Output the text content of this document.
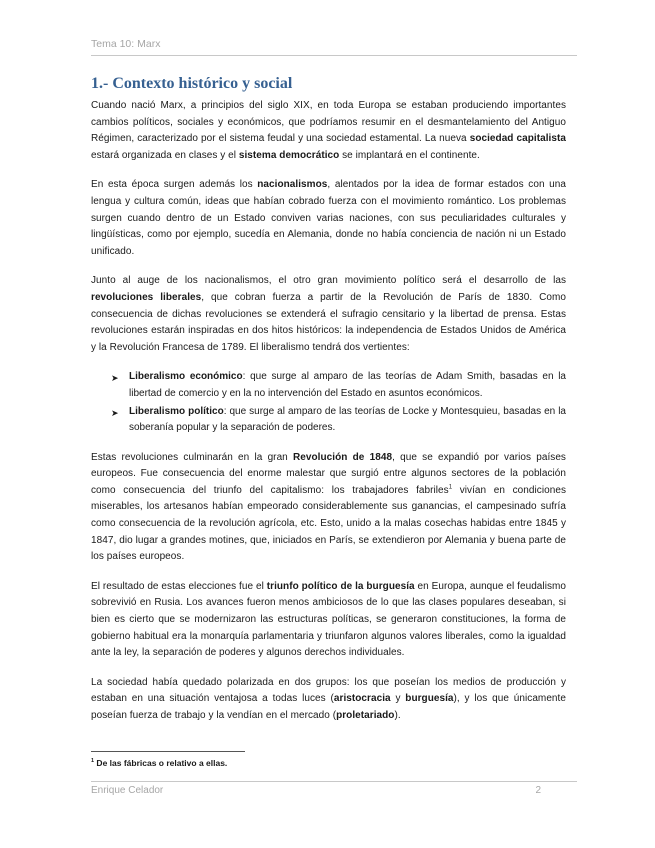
Tema 10: Marx
1.- Contexto histórico y social

Cuando nació Marx, a principios del siglo XIX, en toda Europa se estaban produciendo importantes cambios políticos, sociales y económicos, que podríamos resumir en el desmantelamiento del Antiguo Régimen, caracterizado por el sistema feudal y una sociedad estamental. La nueva sociedad capitalista estará organizada en clases y el sistema democrático se implantará en el continente.

En esta época surgen además los nacionalismos, alentados por la idea de formar estados con una lengua y cultura común, ideas que habían cobrado fuerza con el movimiento romántico. Los problemas surgen cuando dentro de un Estado conviven varias naciones, con sus peculiaridades culturales y lingüísticas, como por ejemplo, sucedía en Alemania, donde no había conciencia de nación ni un Estado unificado.

Junto al auge de los nacionalismos, el otro gran movimiento político será el desarrollo de las revoluciones liberales, que cobran fuerza a partir de la Revolución de París de 1830. Como consecuencia de dichas revoluciones se extenderá el sufragio censitario y la libertad de prensa. Estas revoluciones estarán inspiradas en dos hitos históricos: la independencia de Estados Unidos de América y la Revolución Francesa de 1789. El liberalismo tendrá dos vertientes:

➤ Liberalismo económico: que surge al amparo de las teorías de Adam Smith, basadas en la libertad de comercio y en la no intervención del Estado en asuntos económicos.
➤ Liberalismo político: que surge al amparo de las teorías de Locke y Montesquieu, basadas en la soberanía popular y la separación de poderes.

Estas revoluciones culminarán en la gran Revolución de 1848, que se expandió por varios países europeos. Fue consecuencia del enorme malestar que surgió entre algunos sectores de la población como consecuencia del triunfo del capitalismo: los trabajadores fabriles$^1$ vivían en condiciones miserables, los artesanos habían empeorado considerablemente sus ganancias, el campesinado sufría como consecuencia de la revolución agrícola, etc. Esto, unido a la malas cosechas habidas entre 1845 y 1847, dio lugar a grandes motines, que, iniciados en París, se extendieron por Alemania y buena parte de los países europeos.

El resultado de estas elecciones fue el triunfo político de la burguesía en Europa, aunque el feudalismo sobrevivió en Rusia. Los avances fueron menos ambiciosos de lo que las clases populares deseaban, si bien es cierto que se modernizaron las estructuras políticas, se generaron constituciones, la forma de gobierno habitual era la monarquía parlamentaria y triunfaron algunos valores liberales, como la igualdad ante la ley, la separación de poderes y algunos derechos individuales.

La sociedad había quedado polarizada en dos grupos: los que poseían los medios de producción y estaban en una situación ventajosa a todas luces (aristocracia y burguesía), y los que únicamente poseían fuerza de trabajo y la vendían en el mercado (proletariado).

$^1$ De las fábricas o relativo a ellas.
Enrique Celador	2
